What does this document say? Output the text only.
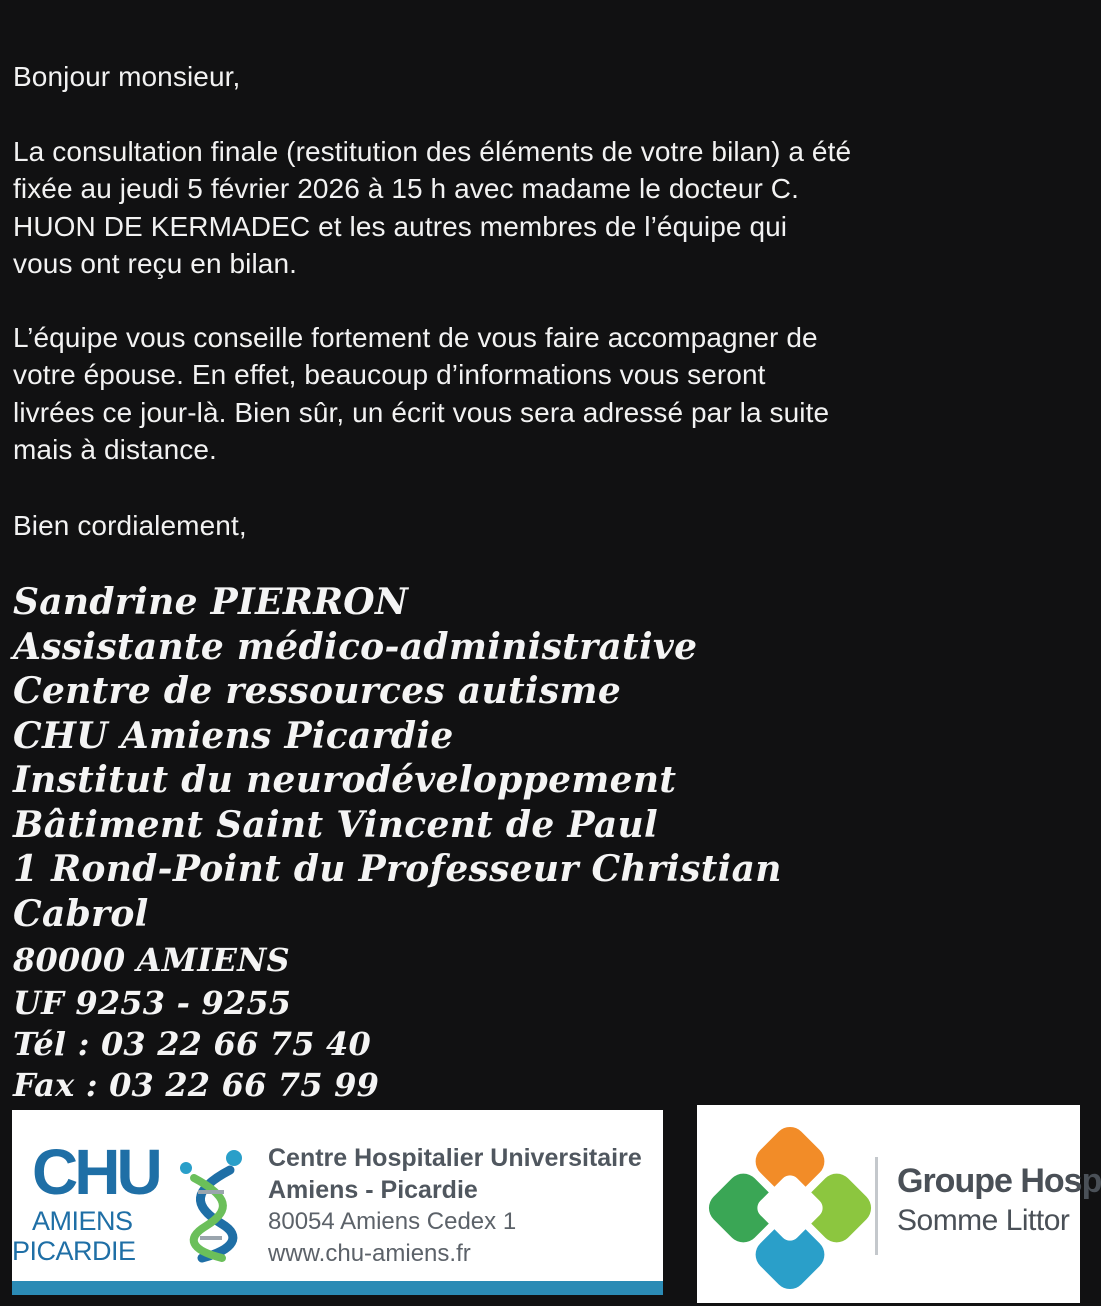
Bonjour monsieur,

La consultation finale (restitution des éléments de votre bilan) a été fixée au jeudi 5 février 2026 à 15 h avec madame le docteur C. HUON DE KERMADEC et les autres membres de l’équipe qui vous ont reçu en bilan.

L’équipe vous conseille fortement de vous faire accompagner de votre épouse. En effet, beaucoup d’informations vous seront livrées ce jour-là. Bien sûr, un écrit vous sera adressé par la suite mais à distance.

Bien cordialement,

Sandrine PIERRON
Assistante médico-administrative
Centre de ressources autisme
CHU Amiens Picardie
Institut du neurodéveloppement
Bâtiment Saint Vincent de Paul
1 Rond-Point du Professeur Christian
Cabrol
80000 AMIENS
UF 9253 - 9255
Tél : 03 22 66 75 40
Fax : 03 22 66 75 99
CHU
AMIENS
PICARDIE
Centre Hospitalier Universitaire
Amiens - Picardie
80054 Amiens Cedex 1
www.chu-amiens.fr
Groupe Hosp
Somme Littor
